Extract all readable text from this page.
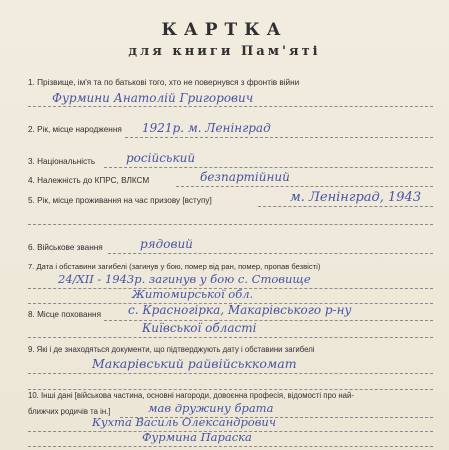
КАРТКА
для книги Пам'яті
1. Прізвище, ім'я та по батькові того, хто не повернувся з фронтів війни
Фурмини Анатолій Григорович
2. Рік, місце народження 1921р. м. Ленінград
3. Національність	російський
4. Належність до КПРС, ВЛКСМ	безпартійний
5. Рік, місце проживання на час призову [вступу]	м. Ленінград, 1943
6. Військове звання	рядовий
7. Дата і обставини загибелі (загинув у бою, помер від ран, помер, пропав безвісті)
24/XII - 1943р. загинув у бою с. Стовище
Житомирської обл.
8. Місце поховання с. Красногірка, Макарівського р-ну
Київської області
9. Які і де знаходяться документи, що підтверджують дату і обставини загибелі
Макарівський райвійськкомат
10. Інші дані [військова частина, основні нагороди, довоєнна професія, відомості про най-
ближчих родичів та ін.]	мав дружину брата
Кухта Василь Олександрович
Фурмина Параска
